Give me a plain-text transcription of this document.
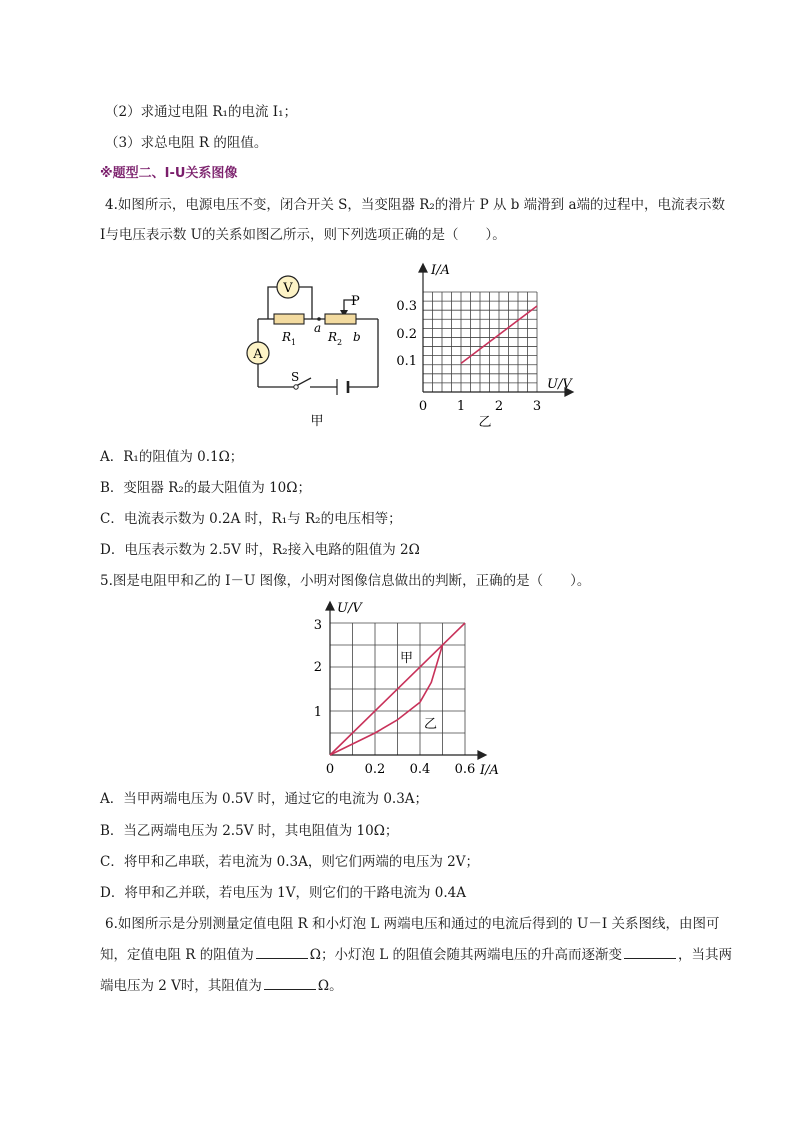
（2）求通过电阻 R₁的电流 I₁；
（3）求总电阻 R 的阻值。
※题型二、I-U关系图像
4.如图所示，电源电压不变，闭合开关 S，当变阻器 R₂的滑片 P 从 b 端滑到 a端的过程中，电流表示数
I与电压表示数 U的关系如图乙所示，则下列选项正确的是（　　）。
V
A
P
R 1
a
R 2 b
S
甲
I/A
U/V
0.3
0.2
0.1
0 1 2 3
乙
A．R₁的阻值为 0.1Ω；
B．变阻器 R₂的最大阻值为 10Ω；
C．电流表示数为 0.2A 时，R₁与 R₂的电压相等；
D．电压表示数为 2.5V 时，R₂接入电路的阻值为 2Ω
5.图是电阻甲和乙的 I－U 图像，小明对图像信息做出的判断，正确的是（　　）。
U/V
I/A
3
2
1
0 0.2 0.4 0.6
甲
乙
A．当甲两端电压为 0.5V 时，通过它的电流为 0.3A；
B．当乙两端电压为 2.5V 时，其电阻值为 10Ω；
C．将甲和乙串联，若电流为 0.3A，则它们两端的电压为 2V；
D．将甲和乙并联，若电压为 1V，则它们的干路电流为 0.4A
6.如图所示是分别测量定值电阻 R 和小灯泡 L 两端电压和通过的电流后得到的 U－I 关系图线，由图可
知，定值电阻 R 的阻值为	Ω；小灯泡 L 的阻值会随其两端电压的升高而逐渐变	，当其两
端电压为 2 V时，其阻值为	Ω。
